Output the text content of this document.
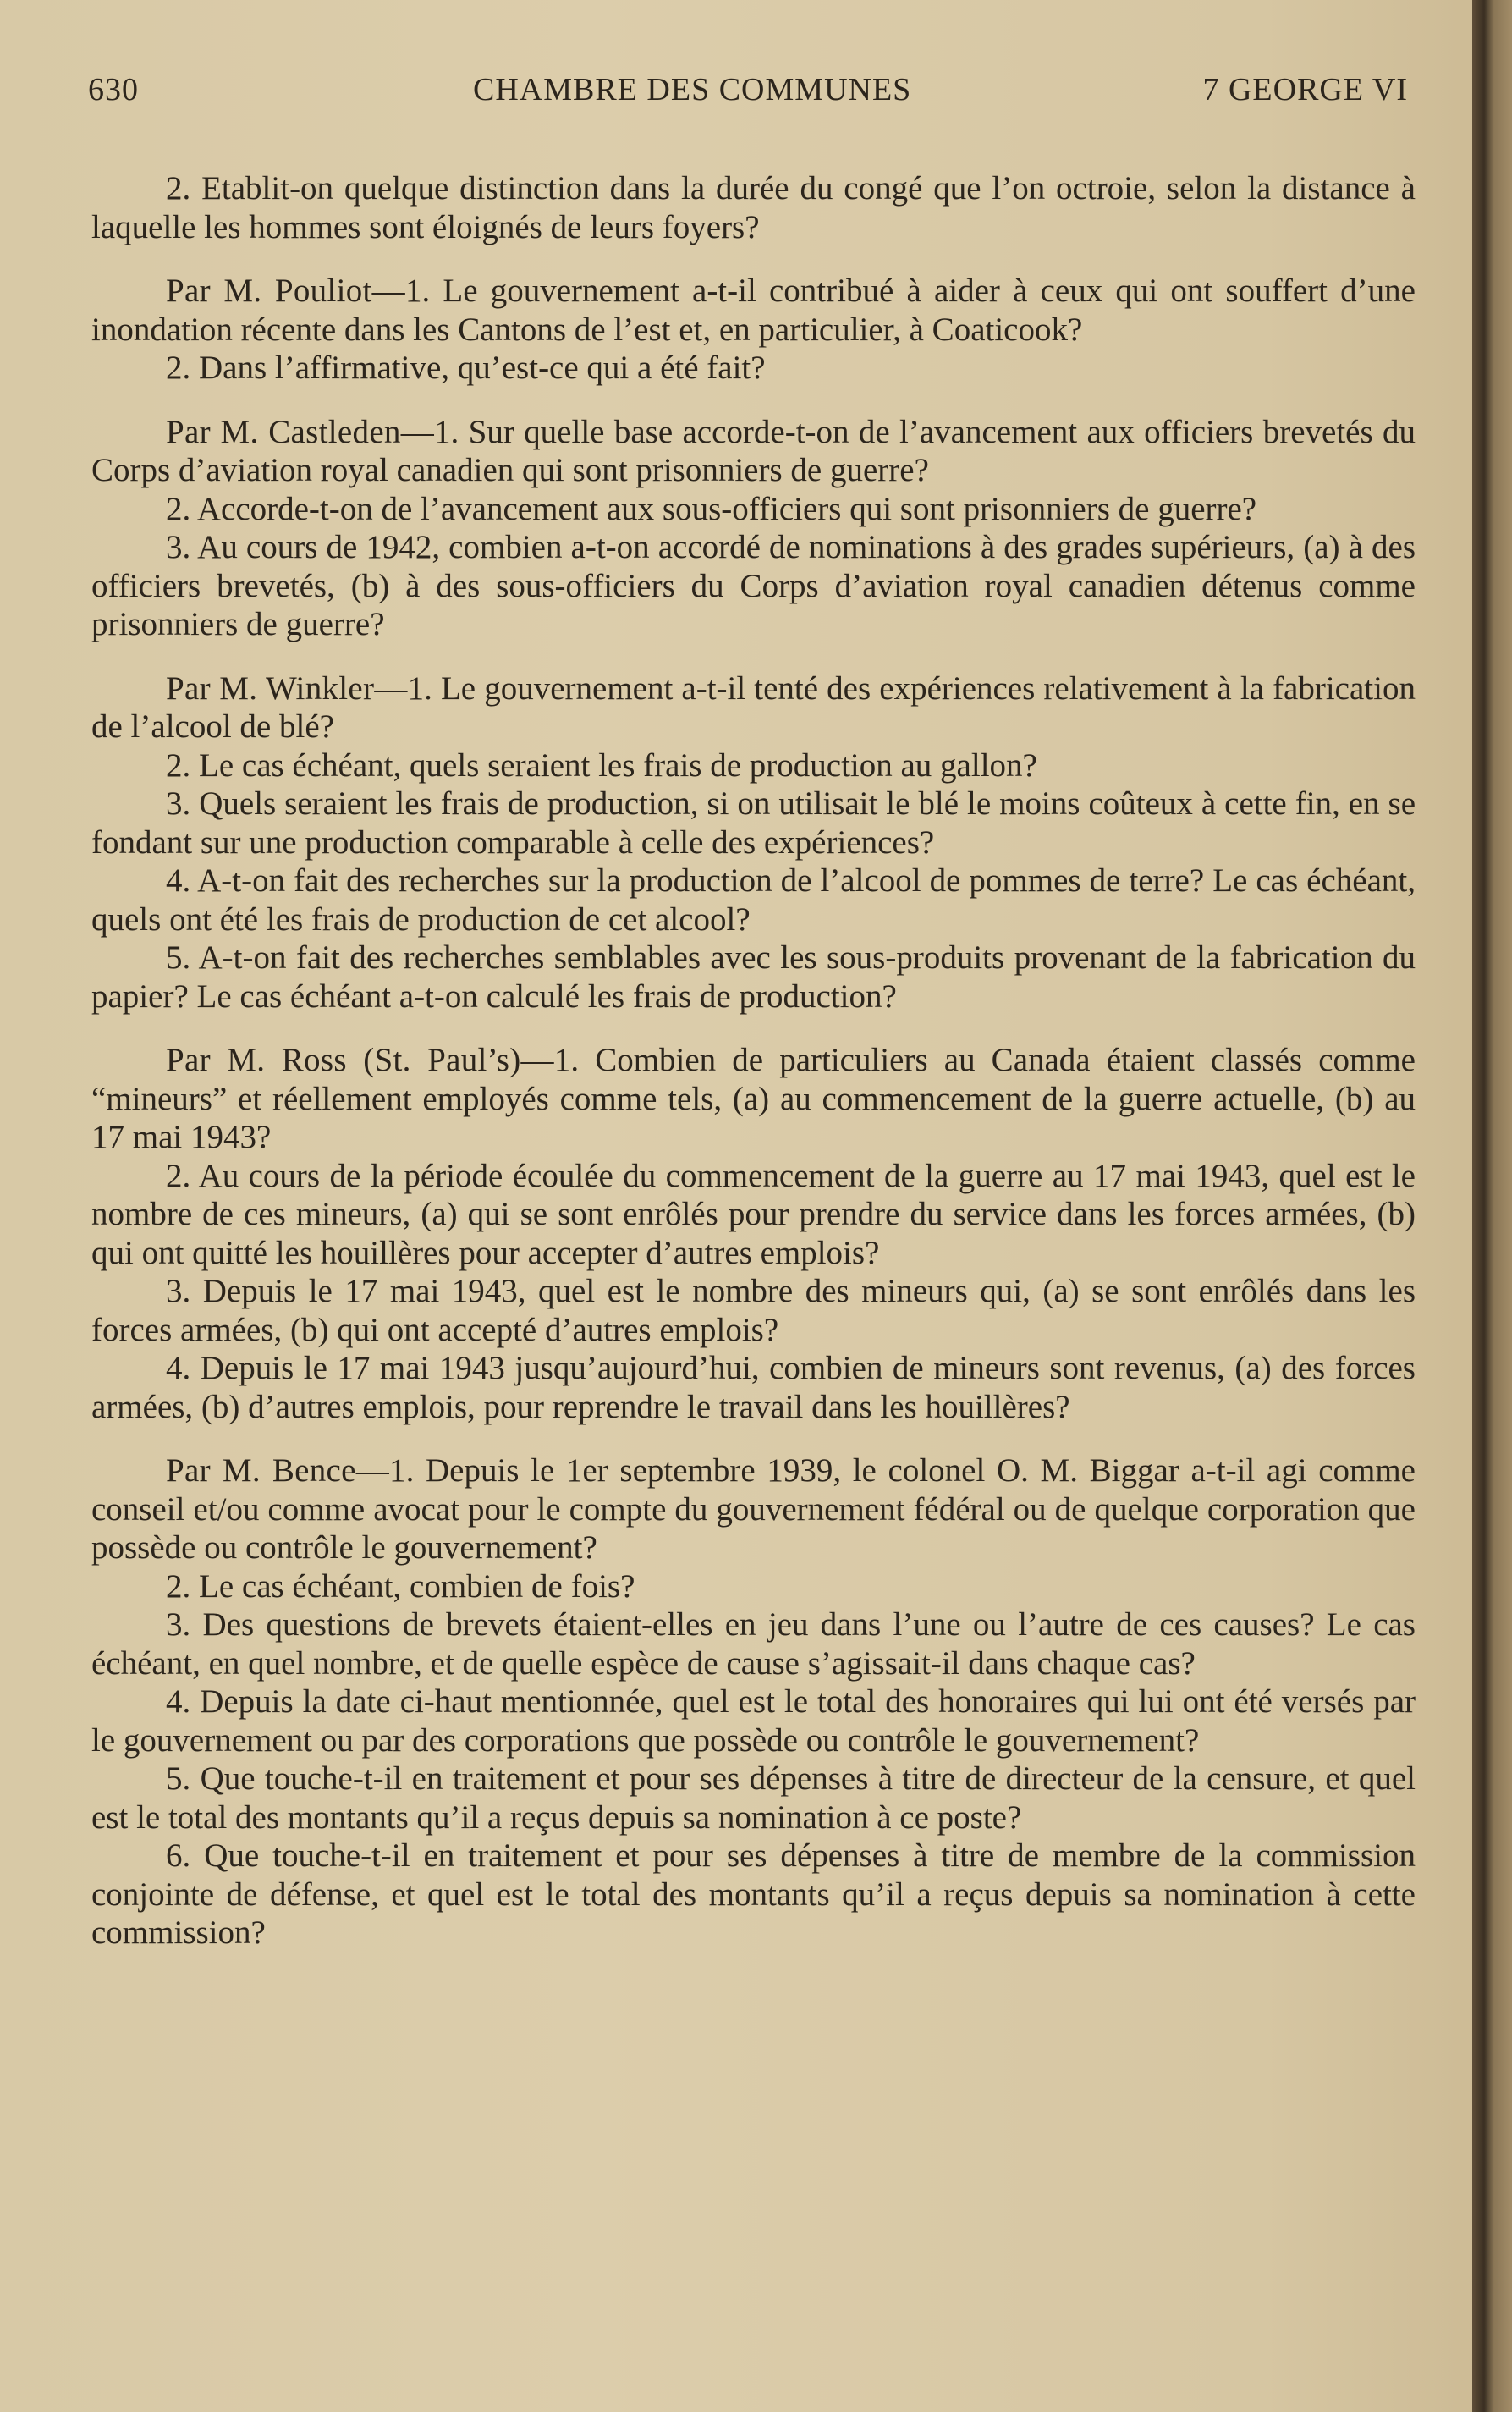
630	CHAMBRE DES COMMUNES	7 GEORGE VI

2. Etablit-on quelque distinction dans la durée du congé que l’on octroie, selon la distance à laquelle les hommes sont éloignés de leurs foyers?

Par M. Pouliot—1. Le gouvernement a-t-il contribué à aider à ceux qui ont souffert d’une inondation récente dans les Cantons de l’est et, en particulier, à Coaticook?

2. Dans l’affirmative, qu’est-ce qui a été fait?

Par M. Castleden—1. Sur quelle base accorde-t-on de l’avancement aux officiers brevetés du Corps d’aviation royal canadien qui sont prisonniers de guerre?

2. Accorde-t-on de l’avancement aux sous-officiers qui sont prisonniers de guerre?

3. Au cours de 1942, combien a-t-on accordé de nominations à des grades supérieurs, (a) à des officiers brevetés, (b) à des sous-officiers du Corps d’aviation royal canadien détenus comme prisonniers de guerre?

Par M. Winkler—1. Le gouvernement a-t-il tenté des expériences relativement à la fabrication de l’alcool de blé?

2. Le cas échéant, quels seraient les frais de production au gallon?

3. Quels seraient les frais de production, si on utilisait le blé le moins coûteux à cette fin, en se fondant sur une production comparable à celle des expériences?

4. A-t-on fait des recherches sur la production de l’alcool de pommes de terre? Le cas échéant, quels ont été les frais de production de cet alcool?

5. A-t-on fait des recherches semblables avec les sous-produits provenant de la fabrication du papier? Le cas échéant a-t-on calculé les frais de production?

Par M. Ross (St. Paul’s)—1. Combien de particuliers au Canada étaient classés comme “mineurs” et réellement employés comme tels, (a) au commencement de la guerre actuelle, (b) au 17 mai 1943?

2. Au cours de la période écoulée du commencement de la guerre au 17 mai 1943, quel est le nombre de ces mineurs, (a) qui se sont enrôlés pour prendre du service dans les forces armées, (b) qui ont quitté les houillères pour accepter d’autres emplois?

3. Depuis le 17 mai 1943, quel est le nombre des mineurs qui, (a) se sont enrôlés dans les forces armées, (b) qui ont accepté d’autres emplois?

4. Depuis le 17 mai 1943 jusqu’aujourd’hui, combien de mineurs sont revenus, (a) des forces armées, (b) d’autres emplois, pour reprendre le travail dans les houillères?

Par M. Bence—1. Depuis le 1er septembre 1939, le colonel O. M. Biggar a-t-il agi comme conseil et/ou comme avocat pour le compte du gouvernement fédéral ou de quelque corporation que possède ou contrôle le gouvernement?

2. Le cas échéant, combien de fois?

3. Des questions de brevets étaient-elles en jeu dans l’une ou l’autre de ces causes? Le cas échéant, en quel nombre, et de quelle espèce de cause s’agissait-il dans chaque cas?

4. Depuis la date ci-haut mentionnée, quel est le total des honoraires qui lui ont été versés par le gouvernement ou par des corporations que possède ou contrôle le gouvernement?

5. Que touche-t-il en traitement et pour ses dépenses à titre de directeur de la censure, et quel est le total des montants qu’il a reçus depuis sa nomination à ce poste?

6. Que touche-t-il en traitement et pour ses dépenses à titre de membre de la commission conjointe de défense, et quel est le total des montants qu’il a reçus depuis sa nomination à cette commission?
